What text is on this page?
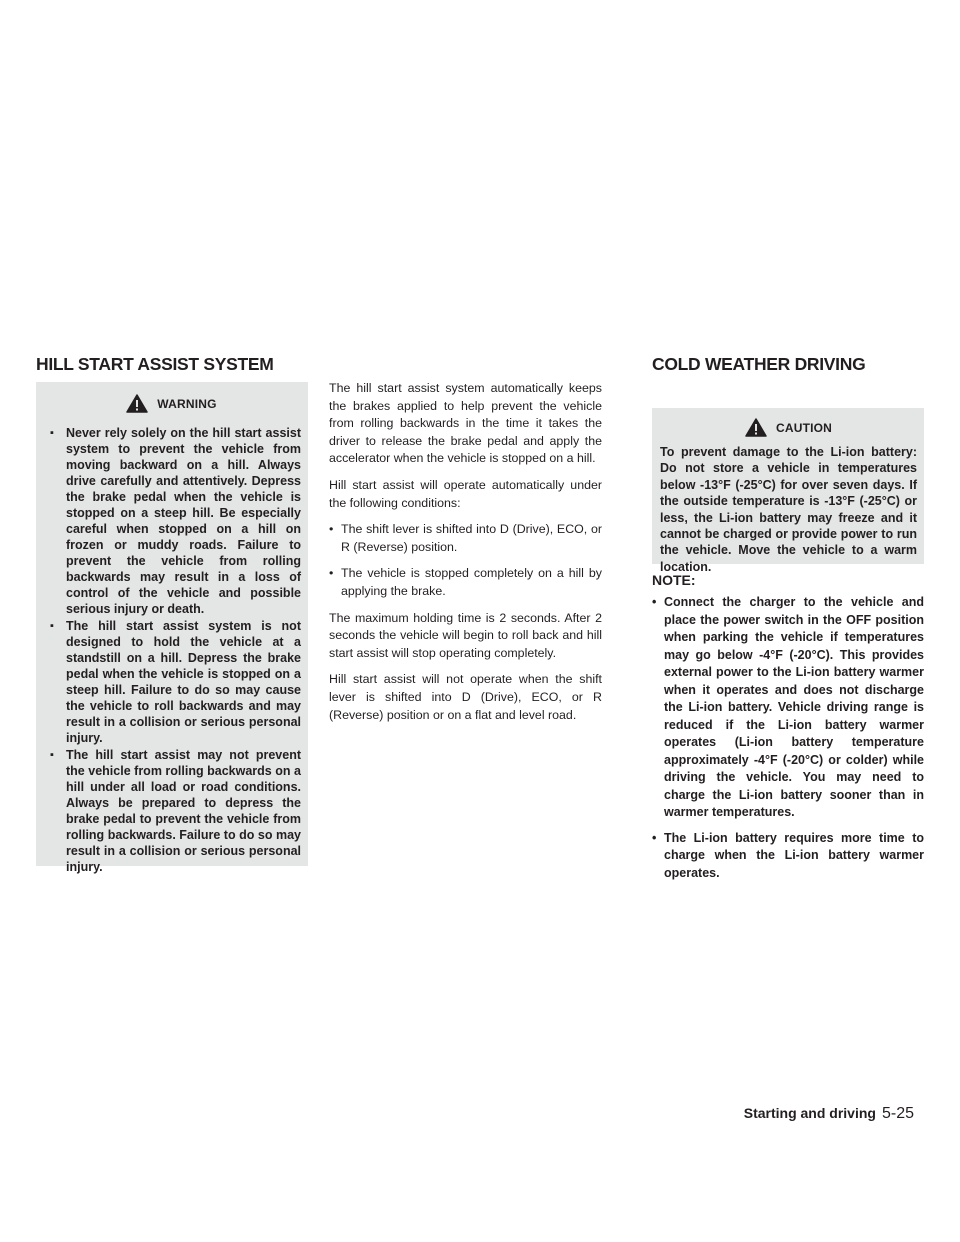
HILL START ASSIST SYSTEM	COLD WEATHER DRIVING
WARNING
▪ Never rely solely on the hill start assist system to prevent the vehicle from moving backward on a hill. Always drive carefully and attentively. Depress the brake pedal when the vehicle is stopped on a steep hill. Be especially careful when stopped on a hill on frozen or muddy roads. Failure to prevent the vehicle from rolling backwards may result in a loss of control of the vehicle and possible serious injury or death.
▪ The hill start assist system is not designed to hold the vehicle at a standstill on a hill. Depress the brake pedal when the vehicle is stopped on a steep hill. Failure to do so may cause the vehicle to roll backwards and may result in a collision or serious personal injury.
▪ The hill start assist may not prevent the vehicle from rolling backwards on a hill under all load or road conditions. Always be prepared to depress the brake pedal to prevent the vehicle from rolling backwards. Failure to do so may result in a collision or serious personal injury.

The hill start assist system automatically keeps the brakes applied to help prevent the vehicle from rolling backwards in the time it takes the driver to release the brake pedal and apply the accelerator when the vehicle is stopped on a hill.

Hill start assist will operate automatically under the following conditions:

• The shift lever is shifted into D (Drive), ECO, or R (Reverse) position.
• The vehicle is stopped completely on a hill by applying the brake.

The maximum holding time is 2 seconds. After 2 seconds the vehicle will begin to roll back and hill start assist will stop operating completely.

Hill start assist will not operate when the shift lever is shifted into D (Drive), ECO, or R (Reverse) position or on a flat and level road.

CAUTION

To prevent damage to the Li-ion battery: Do not store a vehicle in temperatures below -13°F (-25°C) for over seven days. If the outside temperature is -13°F (-25°C) or less, the Li-ion battery may freeze and it cannot be charged or provide power to run the vehicle. Move the vehicle to a warm location.

NOTE:
• Connect the charger to the vehicle and place the power switch in the OFF position when parking the vehicle if temperatures may go below -4°F (-20°C). This provides external power to the Li-ion battery warmer when it operates and does not discharge the Li-ion battery. Vehicle driving range is reduced if the Li-ion battery warmer operates (Li-ion battery temperature approximately -4°F (-20°C) or colder) while driving the vehicle. You may need to charge the Li-ion battery sooner than in warmer temperatures.
• The Li-ion battery requires more time to charge when the Li-ion battery warmer operates.
Starting and driving 5-25
